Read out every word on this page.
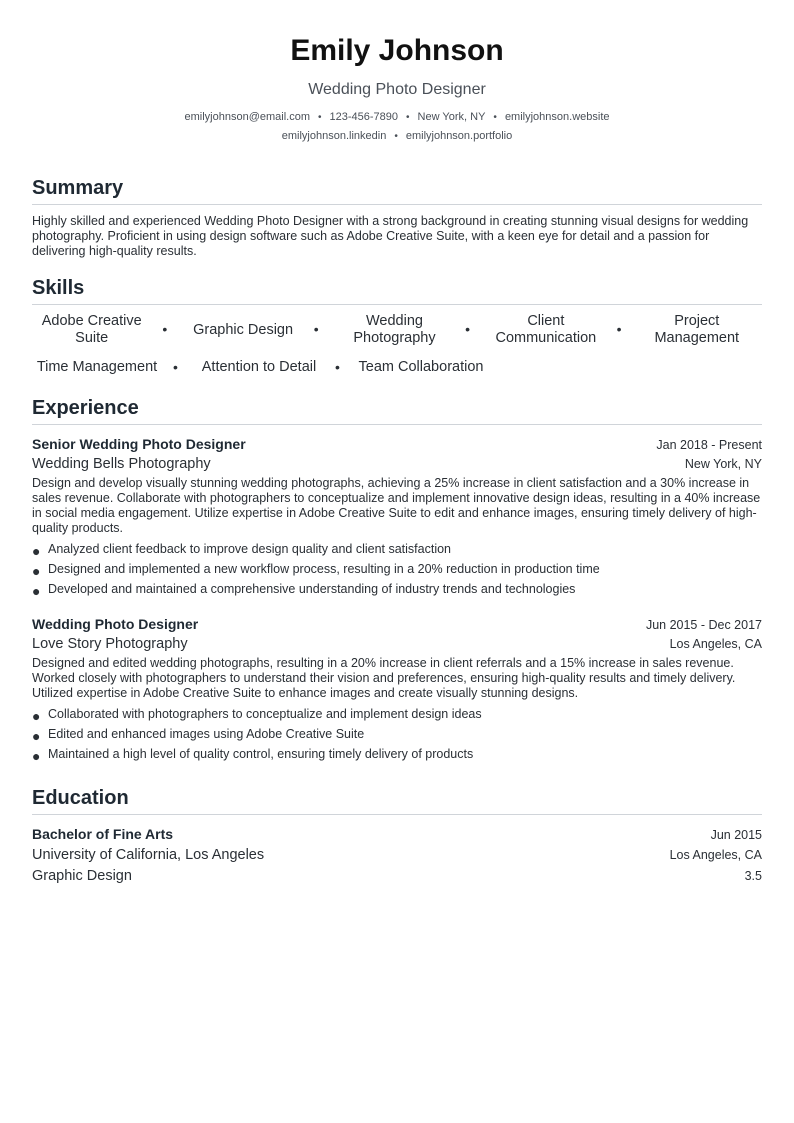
Emily Johnson
Wedding Photo Designer
emilyjohnson@email.com • 123-456-7890 • New York, NY • emilyjohnson.website
emilyjohnson.linkedin • emilyjohnson.portfolio
Summary
Highly skilled and experienced Wedding Photo Designer with a strong background in creating stunning visual designs for wedding photography. Proficient in using design software such as Adobe Creative Suite, with a keen eye for detail and a passion for delivering high-quality results.
Skills
Adobe Creative Suite
•	Graphic Design	•	Wedding Photography
•	Client Communication
•	Project Management
Time Management	•	Attention to Detail	• Team Collaboration
Experience
Senior Wedding Photo Designer	Jan 2018 - Present
Wedding Bells Photography	New York, NY
Design and develop visually stunning wedding photographs, achieving a 25% increase in client satisfaction and a 30% increase in sales revenue. Collaborate with photographers to conceptualize and implement innovative design ideas, resulting in a 40% increase in social media engagement. Utilize expertise in Adobe Creative Suite to edit and enhance images, ensuring timely delivery of high-quality products.
● Analyzed client feedback to improve design quality and client satisfaction
● Designed and implemented a new workflow process, resulting in a 20% reduction in production time
● Developed and maintained a comprehensive understanding of industry trends and technologies
Wedding Photo Designer	Jun 2015 - Dec 2017
Love Story Photography	Los Angeles, CA
Designed and edited wedding photographs, resulting in a 20% increase in client referrals and a 15% increase in sales revenue. Worked closely with photographers to understand their vision and preferences, ensuring high-quality results and timely delivery. Utilized expertise in Adobe Creative Suite to enhance images and create visually stunning designs.
● Collaborated with photographers to conceptualize and implement design ideas
● Edited and enhanced images using Adobe Creative Suite
● Maintained a high level of quality control, ensuring timely delivery of products
Education
Bachelor of Fine Arts	Jun 2015
University of California, Los Angeles	Los Angeles, CA
Graphic Design	3.5
